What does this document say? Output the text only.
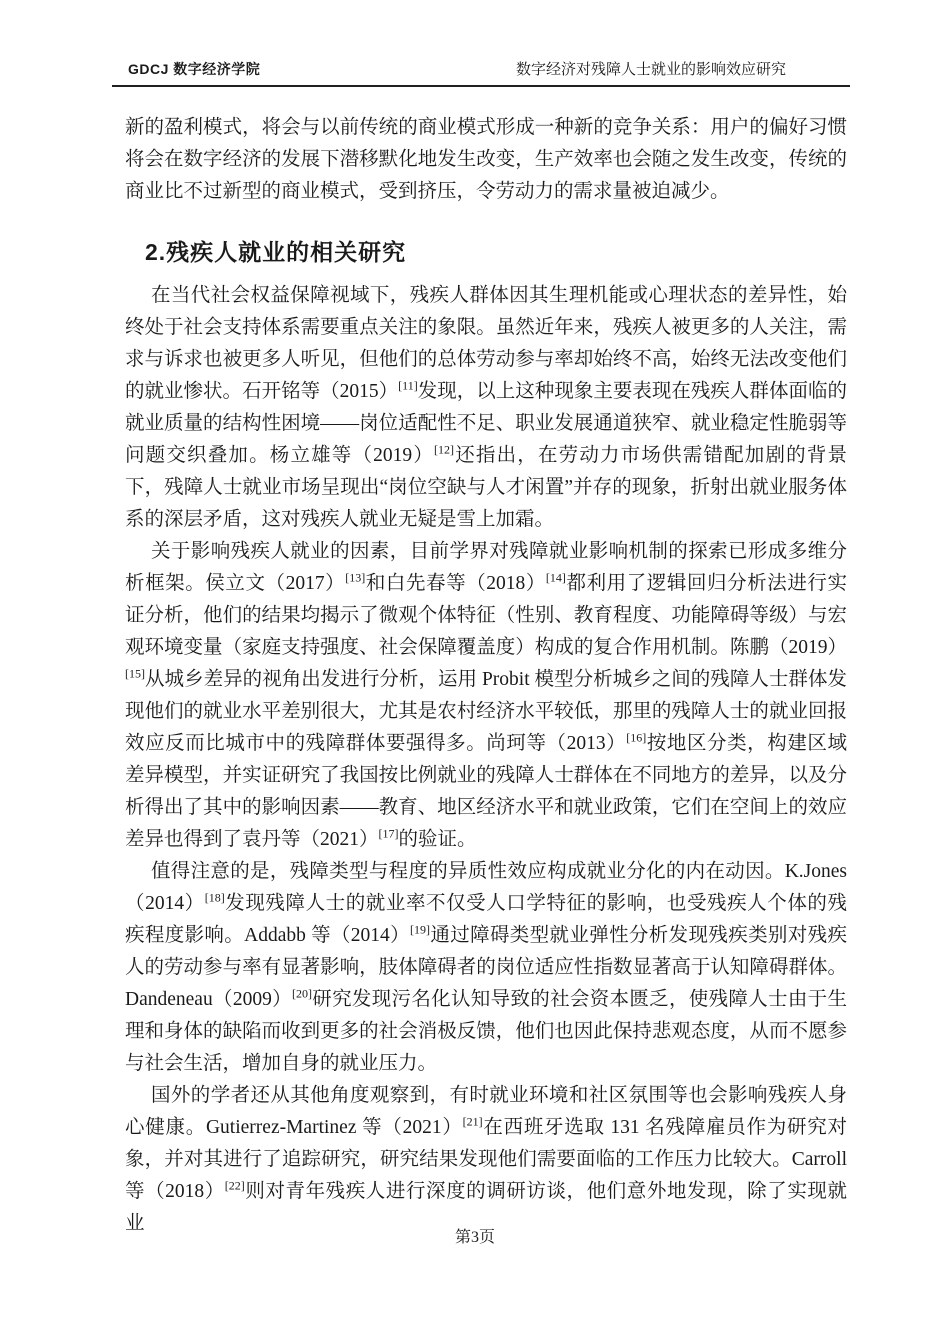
GDCJ 数字经济学院	数字经济对残障人士就业的影响效应研究

新的盈利模式，将会与以前传统的商业模式形成一种新的竞争关系：用户的偏好习惯将会在数字经济的发展下潜移默化地发生改变，生产效率也会随之发生改变，传统的商业比不过新型的商业模式，受到挤压，令劳动力的需求量被迫减少。

2.残疾人就业的相关研究

在当代社会权益保障视域下，残疾人群体因其生理机能或心理状态的差异性，始终处于社会支持体系需要重点关注的象限。虽然近年来，残疾人被更多的人关注，需求与诉求也被更多人听见，但他们的总体劳动参与率却始终不高，始终无法改变他们的就业惨状。石开铭等（2015）[11]发现，以上这种现象主要表现在残疾人群体面临的就业质量的结构性困境——岗位适配性不足、职业发展通道狭窄、就业稳定性脆弱等问题交织叠加。杨立雄等（2019）[12]还指出，在劳动力市场供需错配加剧的背景下，残障人士就业市场呈现出“岗位空缺与人才闲置”并存的现象，折射出就业服务体系的深层矛盾，这对残疾人就业无疑是雪上加霜。

关于影响残疾人就业的因素，目前学界对残障就业影响机制的探索已形成多维分析框架。侯立文（2017）[13]和白先春等（2018）[14]都利用了逻辑回归分析法进行实证分析，他们的结果均揭示了微观个体特征（性别、教育程度、功能障碍等级）与宏观环境变量（家庭支持强度、社会保障覆盖度）构成的复合作用机制。陈鹏（2019）[15]从城乡差异的视角出发进行分析，运用 Probit 模型分析城乡之间的残障人士群体发现他们的就业水平差别很大，尤其是农村经济水平较低，那里的残障人士的就业回报效应反而比城市中的残障群体要强得多。尚珂等（2013）[16]按地区分类，构建区域差异模型，并实证研究了我国按比例就业的残障人士群体在不同地方的差异，以及分析得出了其中的影响因素——教育、地区经济水平和就业政策，它们在空间上的效应差异也得到了袁丹等（2021）[17]的验证。

值得注意的是，残障类型与程度的异质性效应构成就业分化的内在动因。K.Jones（2014）[18]发现残障人士的就业率不仅受人口学特征的影响，也受残疾人个体的残疾程度影响。Addabb 等（2014）[19]通过障碍类型就业弹性分析发现残疾类别对残疾人的劳动参与率有显著影响，肢体障碍者的岗位适应性指数显著高于认知障碍群体。Dandeneau（2009）[20]研究发现污名化认知导致的社会资本匮乏，使残障人士由于生理和身体的缺陷而收到更多的社会消极反馈，他们也因此保持悲观态度，从而不愿参与社会生活，增加自身的就业压力。

国外的学者还从其他角度观察到，有时就业环境和社区氛围等也会影响残疾人身心健康。Gutierrez-Martinez 等（2021）[21]在西班牙选取 131 名残障雇员作为研究对象，并对其进行了追踪研究，研究结果发现他们需要面临的工作压力比较大。Carroll 等（2018）[22]则对青年残疾人进行深度的调研访谈，他们意外地发现，除了实现就业

第3页
